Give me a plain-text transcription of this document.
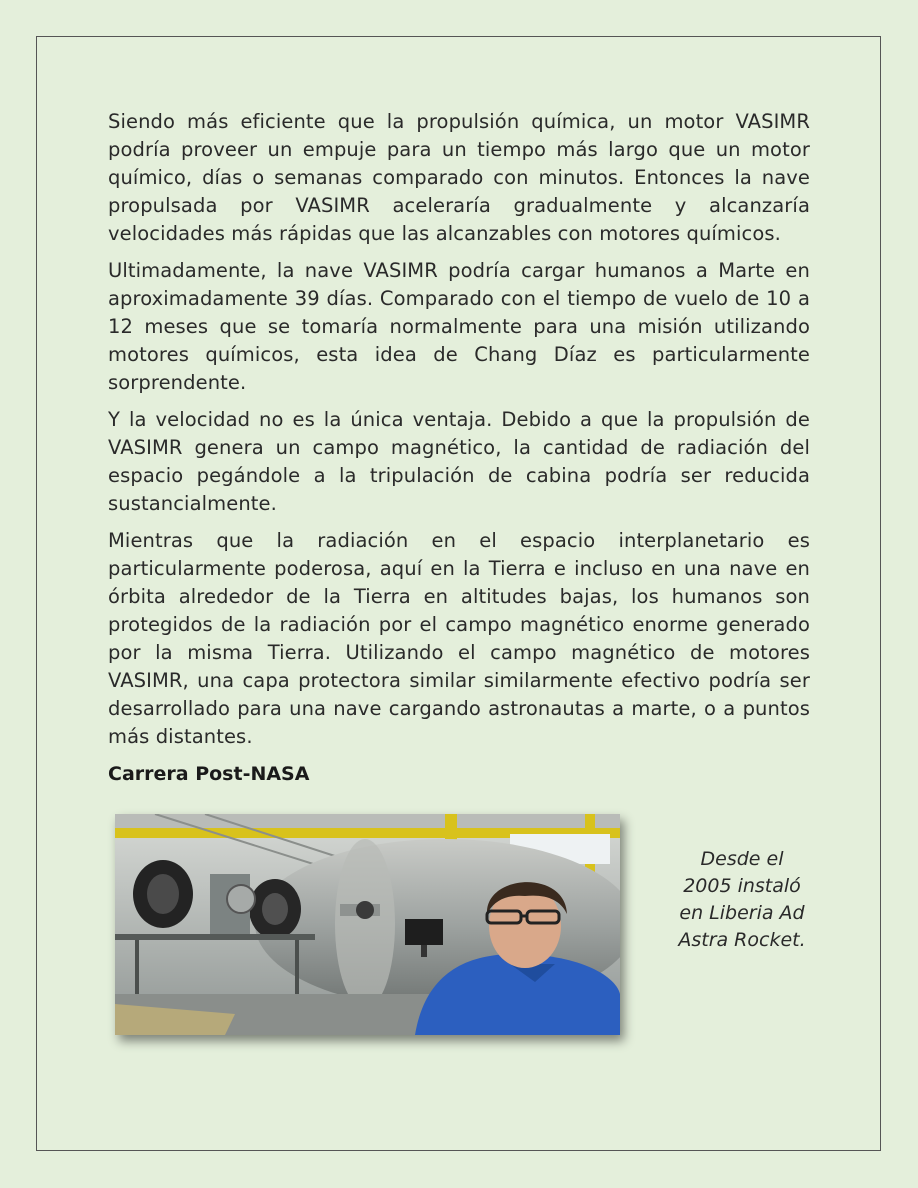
Siendo más eficiente que la propulsión química, un motor VASIMR podría proveer un empuje para un tiempo más largo que un motor químico, días o semanas comparado con minutos. Entonces la nave propulsada por VASIMR aceleraría gradualmente y alcanzaría velocidades más rápidas que las alcanzables con motores químicos.

Ultimadamente, la nave VASIMR podría cargar humanos a Marte en aproximadamente 39 días. Comparado con el tiempo de vuelo de 10 a 12 meses que se tomaría normalmente para una misión utilizando motores químicos, esta idea de Chang Díaz es particularmente sorprendente.

Y la velocidad no es la única ventaja. Debido a que la propulsión de VASIMR genera un campo magnético, la cantidad de radiación del espacio pegándole a la tripulación de cabina podría ser reducida sustancialmente.

Mientras que la radiación en el espacio interplanetario es particularmente poderosa, aquí en la Tierra e incluso en una nave en órbita alrededor de la Tierra en altitudes bajas, los humanos son protegidos de la radiación por el campo magnético enorme generado por la misma Tierra. Utilizando el campo magnético de motores VASIMR, una capa protectora similar similarmente efectivo podría ser desarrollado para una nave cargando astronautas a marte, o a puntos más distantes.

Carrera Post-NASA
Desde el
2005 instaló
en Liberia Ad
Astra Rocket.
